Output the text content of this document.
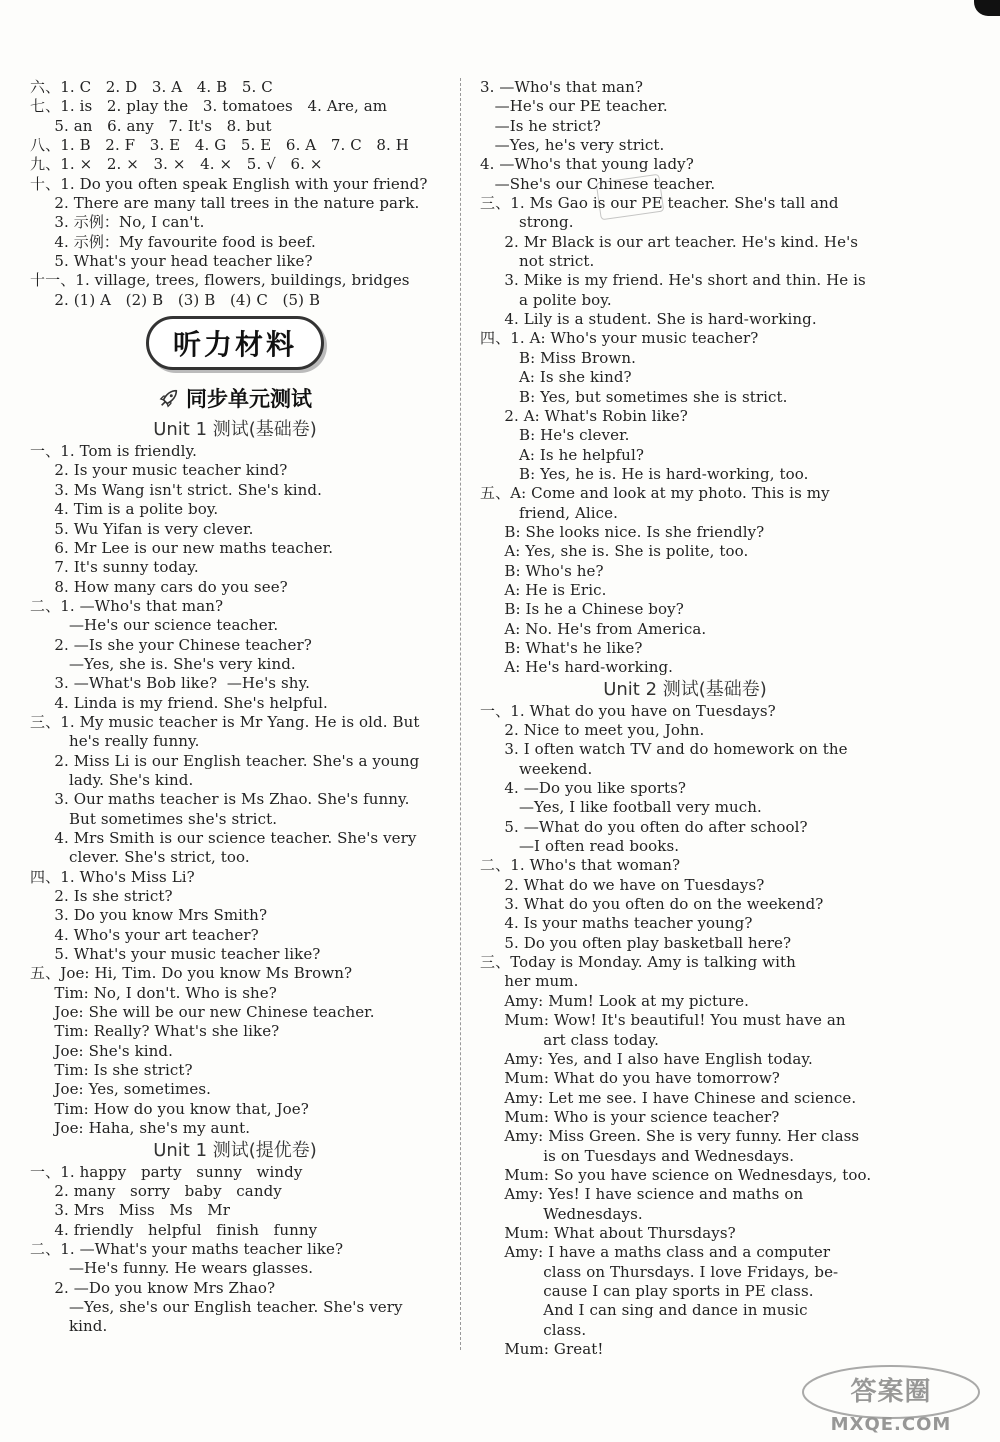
六、1. C   2. D   3. A   4. B   5. C
七、1. is   2. play the   3. tomatoes   4. Are, am
5. an   6. any   7. It's   8. but
八、1. B   2. F   3. E   4. G   5. E   6. A   7. C   8. H
九、1. ×   2. ×   3. ×   4. ×   5. √   6. ×
十、1. Do you often speak English with your friend?
2. There are many tall trees in the nature park.
3. 示例：No, I can't.
4. 示例：My favourite food is beef.
5. What's your head teacher like?
十一、1. village, trees, flowers, buildings, bridges
2. (1) A   (2) B   (3) B   (4) C   (5) B
听力材料
同步单元测试
Unit 1 测试(基础卷)
一、1. Tom is friendly.
2. Is your music teacher kind?
3. Ms Wang isn't strict. She's kind.
4. Tim is a polite boy.
5. Wu Yifan is very clever.
6. Mr Lee is our new maths teacher.
7. It's sunny today.
8. How many cars do you see?
二、1. —Who's that man?
—He's our science teacher.
2. —Is she your Chinese teacher?
—Yes, she is. She's very kind.
3. —What's Bob like?  —He's shy.
4. Linda is my friend. She's helpful.
三、1. My music teacher is Mr Yang. He is old. But
he's really funny.
2. Miss Li is our English teacher. She's a young
lady. She's kind.
3. Our maths teacher is Ms Zhao. She's funny.
But sometimes she's strict.
4. Mrs Smith is our science teacher. She's very
clever. She's strict, too.
四、1. Who's Miss Li?
2. Is she strict?
3. Do you know Mrs Smith?
4. Who's your art teacher?
5. What's your music teacher like?
五、Joe: Hi, Tim. Do you know Ms Brown?
Tim: No, I don't. Who is she?
Joe: She will be our new Chinese teacher.
Tim: Really? What's she like?
Joe: She's kind.
Tim: Is she strict?
Joe: Yes, sometimes.
Tim: How do you know that, Joe?
Joe: Haha, she's my aunt.
Unit 1 测试(提优卷)
一、1. happy   party   sunny   windy
2. many   sorry   baby   candy
3. Mrs   Miss   Ms   Mr
4. friendly   helpful   finish   funny
二、1. —What's your maths teacher like?
—He's funny. He wears glasses.
2. —Do you know Mrs Zhao?
—Yes, she's our English teacher. She's very
kind.
3. —Who's that man?
—He's our PE teacher.
—Is he strict?
—Yes, he's very strict.
4. —Who's that young lady?
—She's our Chinese teacher.
三、1. Ms Gao is our PE teacher. She's tall and
strong.
2. Mr Black is our art teacher. He's kind. He's
not strict.
3. Mike is my friend. He's short and thin. He is
a polite boy.
4. Lily is a student. She is hard-working.
四、1. A: Who's your music teacher?
B: Miss Brown.
A: Is she kind?
B: Yes, but sometimes she is strict.
2. A: What's Robin like?
B: He's clever.
A: Is he helpful?
B: Yes, he is. He is hard-working, too.
五、A: Come and look at my photo. This is my
friend, Alice.
B: She looks nice. Is she friendly?
A: Yes, she is. She is polite, too.
B: Who's he?
A: He is Eric.
B: Is he a Chinese boy?
A: No. He's from America.
B: What's he like?
A: He's hard-working.
Unit 2 测试(基础卷)
一、1. What do you have on Tuesdays?
2. Nice to meet you, John.
3. I often watch TV and do homework on the
weekend.
4. —Do you like sports?
—Yes, I like football very much.
5. —What do you often do after school?
—I often read books.
二、1. Who's that woman?
2. What do we have on Tuesdays?
3. What do you often do on the weekend?
4. Is your maths teacher young?
5. Do you often play basketball here?
三、Today is Monday. Amy is talking with
her mum.
Amy: Mum! Look at my picture.
Mum: Wow! It's beautiful! You must have an
art class today.
Amy: Yes, and I also have English today.
Mum: What do you have tomorrow?
Amy: Let me see. I have Chinese and science.
Mum: Who is your science teacher?
Amy: Miss Green. She is very funny. Her class
is on Tuesdays and Wednesdays.
Mum: So you have science on Wednesdays, too.
Amy: Yes! I have science and maths on
Wednesdays.
Mum: What about Thursdays?
Amy: I have a maths class and a computer
class on Thursdays. I love Fridays, be-
cause I can play sports in PE class.
And I can sing and dance in music
class.
Mum: Great!
答案圈
MXQE.COM
